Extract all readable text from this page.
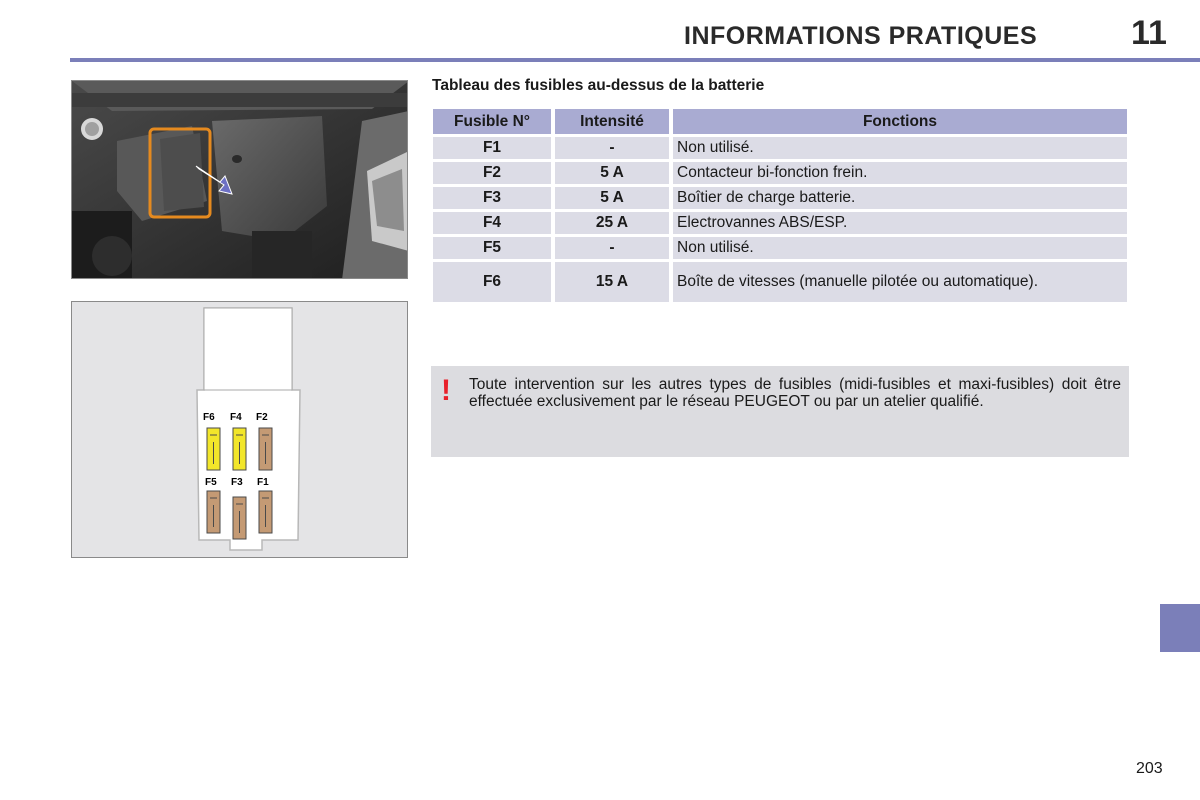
INFORMATIONS PRATIQUES	11
F6 F4 F2
F5 F3 F1
Tableau des fusibles au-dessus de la batterie
Fusible N°	Intensité	Fonctions
F1	-	Non utilisé.
F2	5 A	Contacteur bi-fonction frein.
F3	5 A	Boîtier de charge batterie.
F4	25 A	Electrovannes ABS/ESP.
F5	-	Non utilisé.
F6	15 A	Boîte de vitesses (manuelle pilotée ou automatique).
! Toute intervention sur les autres types de fusibles (midi-fusibles et maxi-fusibles) doit être effectuée exclusivement par le réseau PEUGEOT ou par un atelier qualifié.
203
